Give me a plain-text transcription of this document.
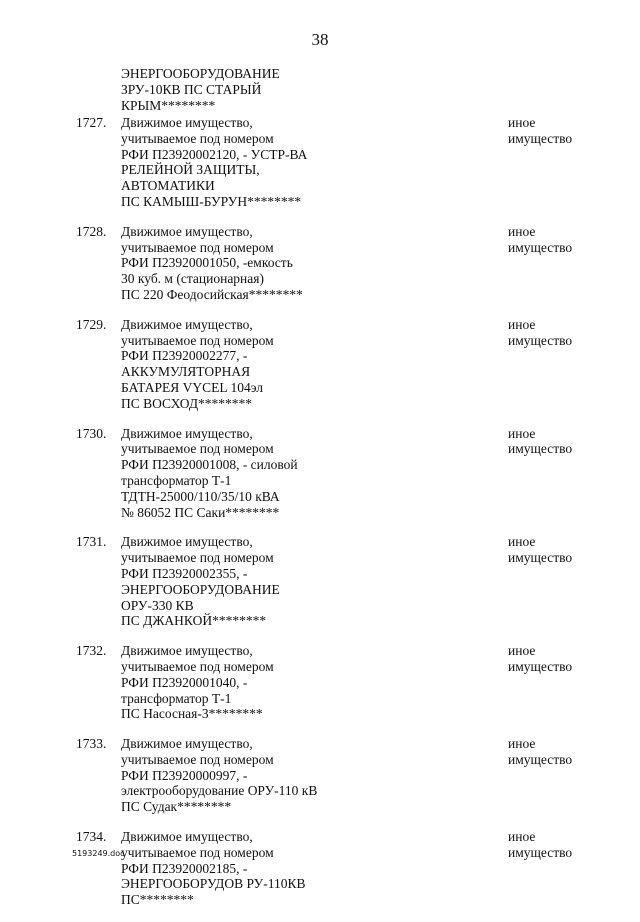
38
ЭНЕРГООБОРУДОВАНИЕ
ЗРУ-10КВ ПС СТАРЫЙ
КРЫМ********
1727. Движимое имущество,
учитываемое под номером
РФИ П23920002120, - УСТР-ВА
РЕЛЕЙНОЙ ЗАЩИТЫ,
АВТОМАТИКИ
ПС КАМЫШ-БУРУН********
иное
имущество
1728. Движимое имущество,
учитываемое под номером
РФИ П23920001050, -емкость
30 куб. м (стационарная)
ПС 220 Феодосийская********
иное
имущество
1729. Движимое имущество,
учитываемое под номером
РФИ П23920002277, -
АККУМУЛЯТОРНАЯ
БАТАРЕЯ VYCEL 104эл
ПС ВОСХОД********
иное
имущество
1730. Движимое имущество,
учитываемое под номером
РФИ П23920001008, - силовой
трансформатор Т-1
ТДТН-25000/110/35/10 кВА
№ 86052 ПС Саки********
иное
имущество
1731. Движимое имущество,
учитываемое под номером
РФИ П23920002355, -
ЭНЕРГООБОРУДОВАНИЕ
ОРУ-330 КВ
ПС ДЖАНКОЙ********
иное
имущество
1732. Движимое имущество,
учитываемое под номером
РФИ П23920001040, -
трансформатор Т-1
ПС Насосная-3********
иное
имущество
1733. Движимое имущество,
учитываемое под номером
РФИ П23920000997, -
электрооборудование ОРУ-110 кВ
ПС Судак********
иное
имущество
1734. Движимое имущество,
учитываемое под номером
РФИ П23920002185, -
ЭНЕРГООБОРУДОВ РУ-110КВ
ПС********
иное
имущество
5193249.doc
